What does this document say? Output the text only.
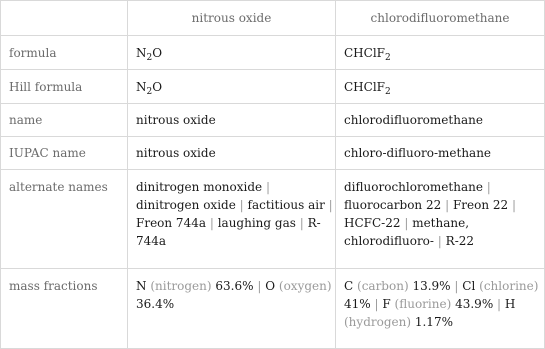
	nitrous oxide	chlorodifluoromethane
formula	$N_2O$	CHClF$_2$
Hill formula	$N_2O$	CHClF$_2$
name	nitrous oxide	chlorodifluoromethane
IUPAC name	nitrous oxide	chloro-difluoro-methane
alternate names	dinitrogen monoxide | dinitrogen oxide | factitious air | Freon 744a | laughing gas | R-744a	difluorochloromethane | fluorocarbon 22 | Freon 22 | HCFC-22 | methane, chlorodifluoro- | R-22
mass fractions	N (nitrogen) 63.6% | O (oxygen) 36.4%	C (carbon) 13.9% | Cl (chlorine) 41% | F (fluorine) 43.9% | H (hydrogen) 1.17%
